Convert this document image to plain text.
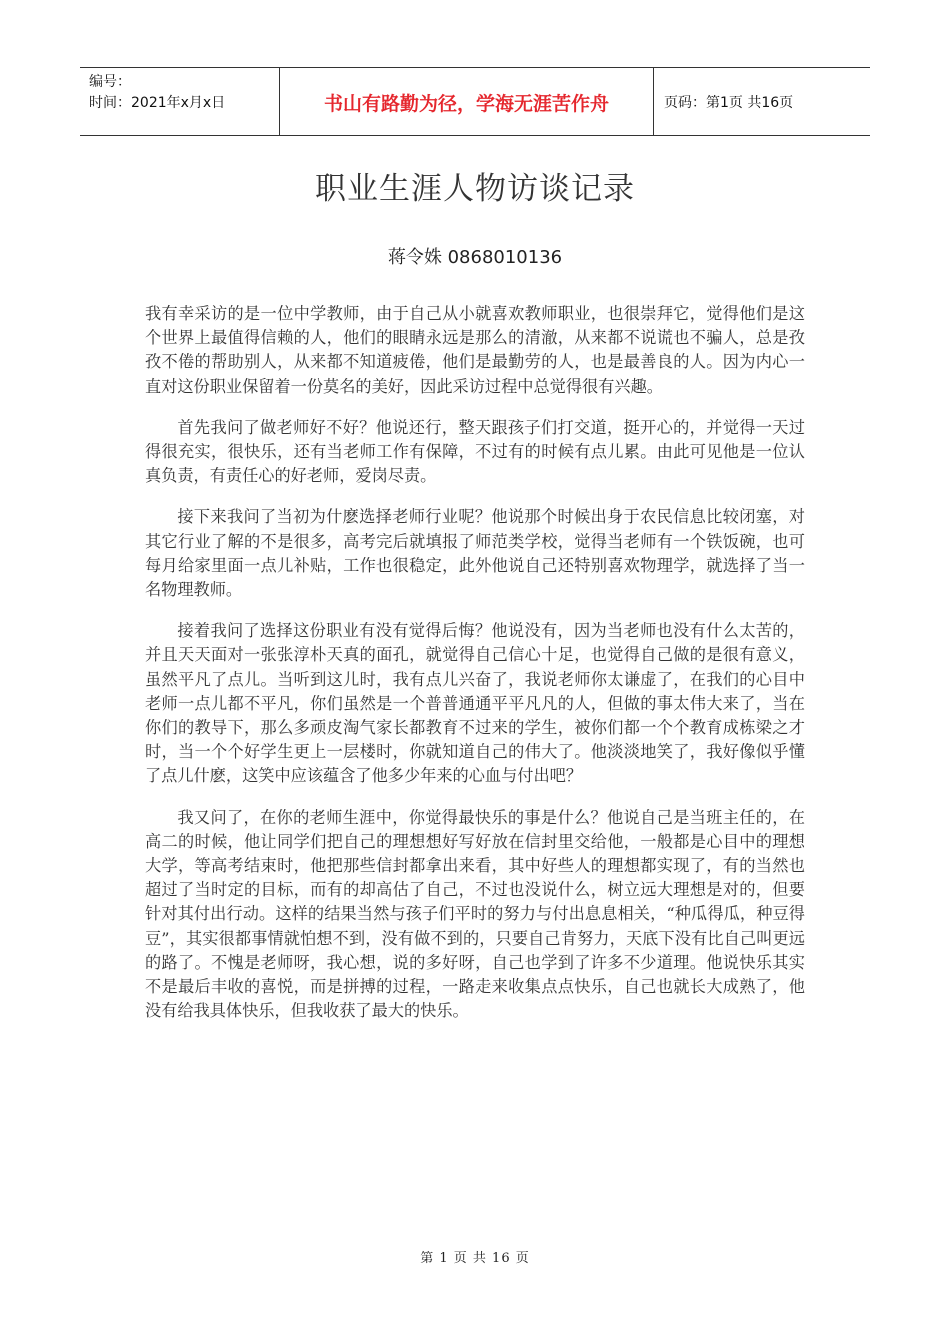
编号：
时间：2021年x月x日	书山有路勤为径，学海无涯苦作舟	页码：第1页 共16页
职业生涯人物访谈记录
蒋令姝 0868010136

我有幸采访的是一位中学教师，由于自己从小就喜欢教师职业，也很崇拜它，觉得他们是这个世界上最值得信赖的人，他们的眼睛永远是那么的清澈，从来都不说谎也不骗人，总是孜孜不倦的帮助别人，从来都不知道疲倦，他们是最勤劳的人，也是最善良的人。因为内心一直对这份职业保留着一份莫名的美好，因此采访过程中总觉得很有兴趣。

首先我问了做老师好不好？他说还行，整天跟孩子们打交道，挺开心的，并觉得一天过得很充实，很快乐，还有当老师工作有保障，不过有的时候有点儿累。由此可见他是一位认真负责，有责任心的好老师，爱岗尽责。

接下来我问了当初为什麽选择老师行业呢？他说那个时候出身于农民信息比较闭塞，对其它行业了解的不是很多，高考完后就填报了师范类学校，觉得当老师有一个铁饭碗，也可每月给家里面一点儿补贴，工作也很稳定，此外他说自己还特别喜欢物理学，就选择了当一名物理教师。

接着我问了选择这份职业有没有觉得后悔？他说没有，因为当老师也没有什么太苦的，并且天天面对一张张淳朴天真的面孔，就觉得自己信心十足，也觉得自己做的是很有意义，虽然平凡了点儿。当听到这儿时，我有点儿兴奋了，我说老师你太谦虚了，在我们的心目中老师一点儿都不平凡，你们虽然是一个普普通通平平凡凡的人，但做的事太伟大来了，当在你们的教导下，那么多顽皮淘气家长都教育不过来的学生，被你们都一个个教育成栋梁之才时，当一个个好学生更上一层楼时，你就知道自己的伟大了。他淡淡地笑了，我好像似乎懂了点儿什麽，这笑中应该蕴含了他多少年来的心血与付出吧？

我又问了，在你的老师生涯中，你觉得最快乐的事是什么？他说自己是当班主任的，在高二的时候，他让同学们把自己的理想想好写好放在信封里交给他，一般都是心目中的理想大学，等高考结束时，他把那些信封都拿出来看，其中好些人的理想都实现了，有的当然也超过了当时定的目标，而有的却高估了自己，不过也没说什么，树立远大理想是对的，但要针对其付出行动。这样的结果当然与孩子们平时的努力与付出息息相关，“种瓜得瓜，种豆得豆”，其实很都事情就怕想不到，没有做不到的，只要自己肯努力，天底下没有比自己叫更远的路了。不愧是老师呀，我心想，说的多好呀，自己也学到了许多不少道理。他说快乐其实不是最后丰收的喜悦，而是拼搏的过程，一路走来收集点点快乐，自己也就长大成熟了，他没有给我具体快乐，但我收获了最大的快乐。

第 1 页 共 16 页
